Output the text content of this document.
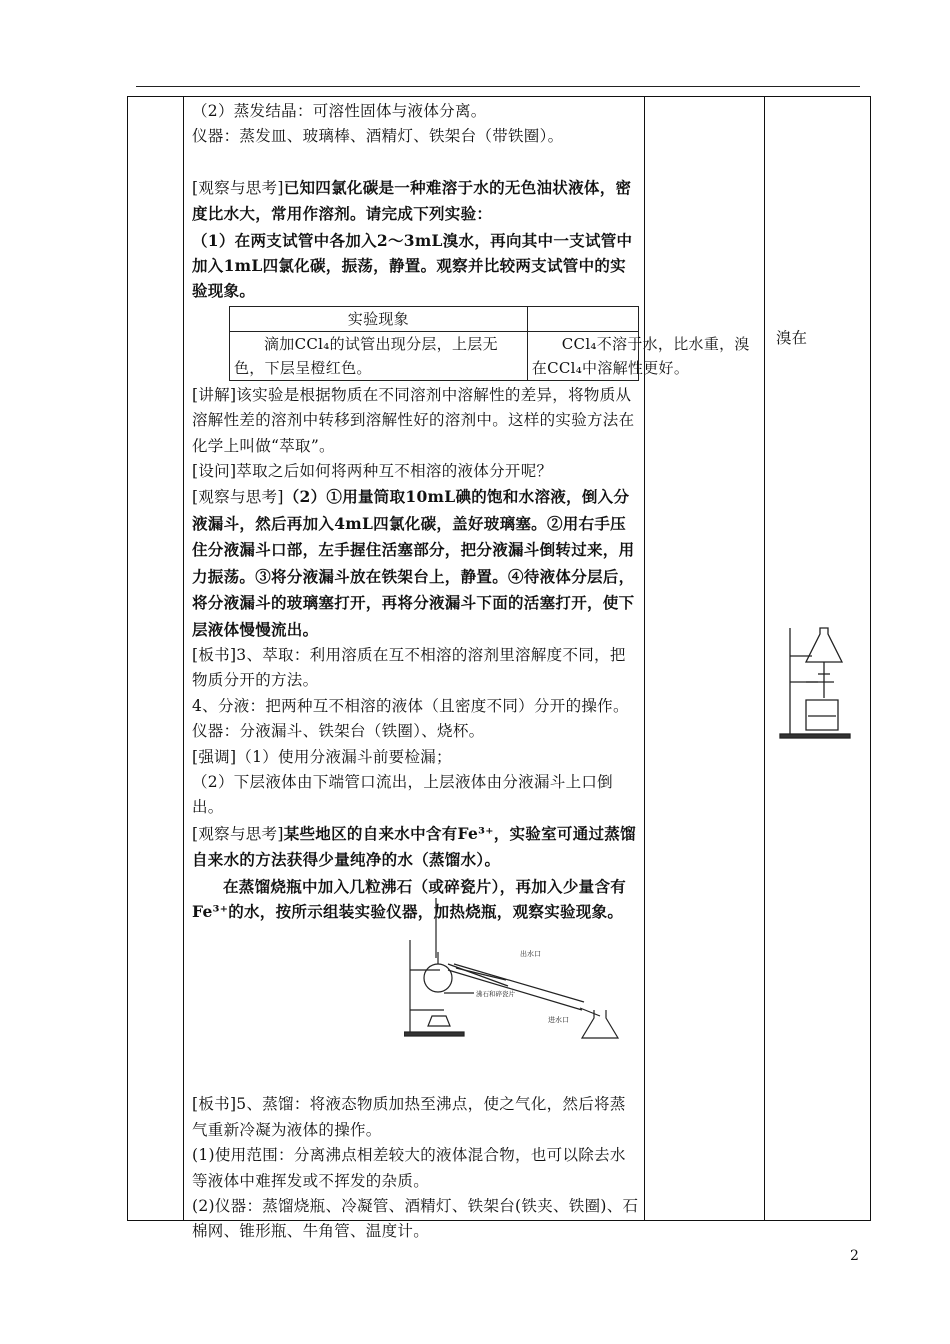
（2）蒸发结晶：可溶性固体与液体分离。

仪器：蒸发皿、玻璃棒、酒精灯、铁架台（带铁圈）。

[观察与思考]已知四氯化碳是一种难溶于水的无色油状液体，密度比水大，常用作溶剂。请完成下列实验：

（1）在两支试管中各加入2～3mL溴水，再向其中一支试管中加入1mL四氯化碳，振荡，静置。观察并比较两支试管中的实验现象。

实验现象	
滴加CCl₄的试管出现分层，上层无色，下层呈橙红色。	CCl₄不溶于水，比水重，溴在CCl₄中溶解性更好。

[讲解]该实验是根据物质在不同溶剂中溶解性的差异，将物质从溶解性差的溶剂中转移到溶解性好的溶剂中。这样的实验方法在化学上叫做“萃取”。

[设问]萃取之后如何将两种互不相溶的液体分开呢？

[观察与思考]（2）①用量筒取10mL碘的饱和水溶液，倒入分液漏斗，然后再加入4mL四氯化碳，盖好玻璃塞。②用右手压住分液漏斗口部，左手握住活塞部分，把分液漏斗倒转过来，用力振荡。③将分液漏斗放在铁架台上，静置。④待液体分层后，将分液漏斗的玻璃塞打开，再将分液漏斗下面的活塞打开，使下层液体慢慢流出。

[板书]3、萃取：利用溶质在互不相溶的溶剂里溶解度不同，把物质分开的方法。

4、分液：把两种互不相溶的液体（且密度不同）分开的操作。

仪器：分液漏斗、铁架台（铁圈）、烧杯。

[强调]（1）使用分液漏斗前要检漏；

（2）下层液体由下端管口流出，上层液体由分液漏斗上口倒出。

[观察与思考]某些地区的自来水中含有Fe³⁺，实验室可通过蒸馏自来水的方法获得少量纯净的水（蒸馏水）。

在蒸馏烧瓶中加入几粒沸石（或碎瓷片），再加入少量含有Fe³⁺的水，按所示组装实验仪器，加热烧瓶，观察实验现象。

[板书]5、蒸馏：将液态物质加热至沸点，使之气化，然后将蒸气重新冷凝为液体的操作。

(1)使用范围：分离沸点相差较大的液体混合物，也可以除去水等液体中难挥发或不挥发的杂质。

(2)仪器：蒸馏烧瓶、冷凝管、酒精灯、铁架台(铁夹、铁圈)、石棉网、锥形瓶、牛角管、温度计。

溴在
出水口
进水口
沸石和碎瓷片
2
